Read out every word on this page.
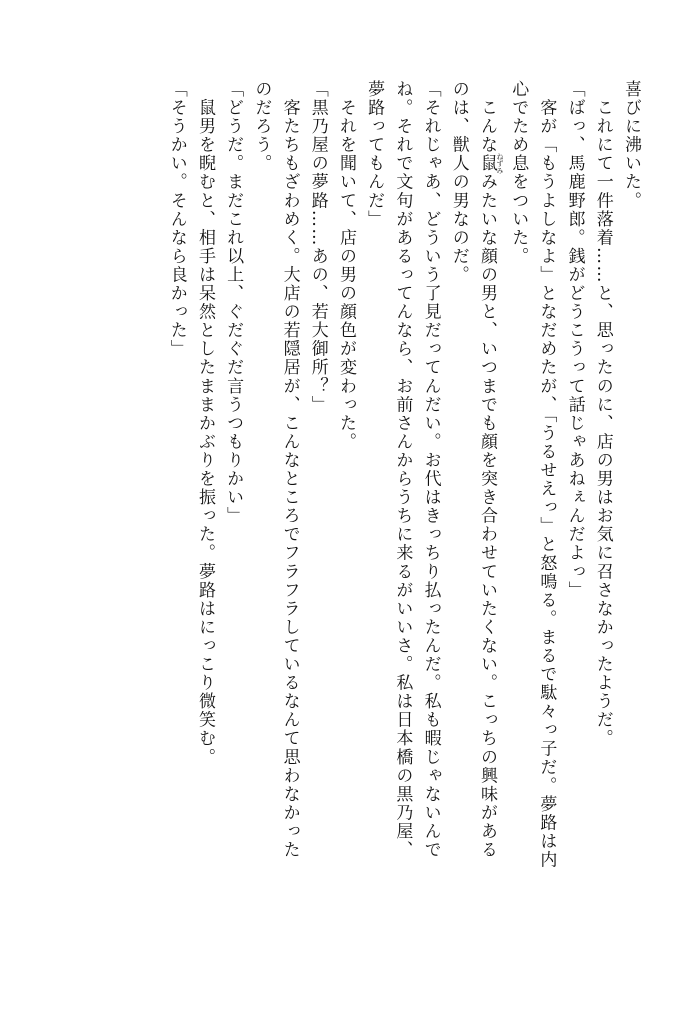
喜びに沸いた。
　これにて一件落着……と、思ったのに、店の男はお気に召さなかったようだ。
「ばっ、馬鹿野郎。銭がどうこうって話じゃあねぇんだよっ」
　客が「もうよしなよ」となだめたが、「うるせえっ」と怒鳴る。まるで駄々っ子だ。夢路は内
心でため息をついた。
　こんな鼠 ねずみみたいな顔の男と、いつまでも顔を突き合わせていたくない。こっちの興味がある
のは、獣人の男なのだ。
「それじゃあ、どういう了見だってんだい。お代はきっちり払ったんだ。私も暇じゃないんで
ね。それで文句があるってんなら、お前さんからうちに来るがいいさ。私は日本橋の黒乃屋、
夢路ってもんだ」
　それを聞いて、店の男の顔色が変わった。
「黒乃屋の夢路……あの、若大御所？」
　客たちもざわめく。大店の若隠居が、こんなところでフラフラしているなんて思わなかった
のだろう。
「どうだ。まだこれ以上、ぐだぐだ言うつもりかい」
　鼠男を睨むと、相手は呆然としたままかぶりを振った。夢路はにっこり微笑む。
「そうかい。そんなら良かった」
